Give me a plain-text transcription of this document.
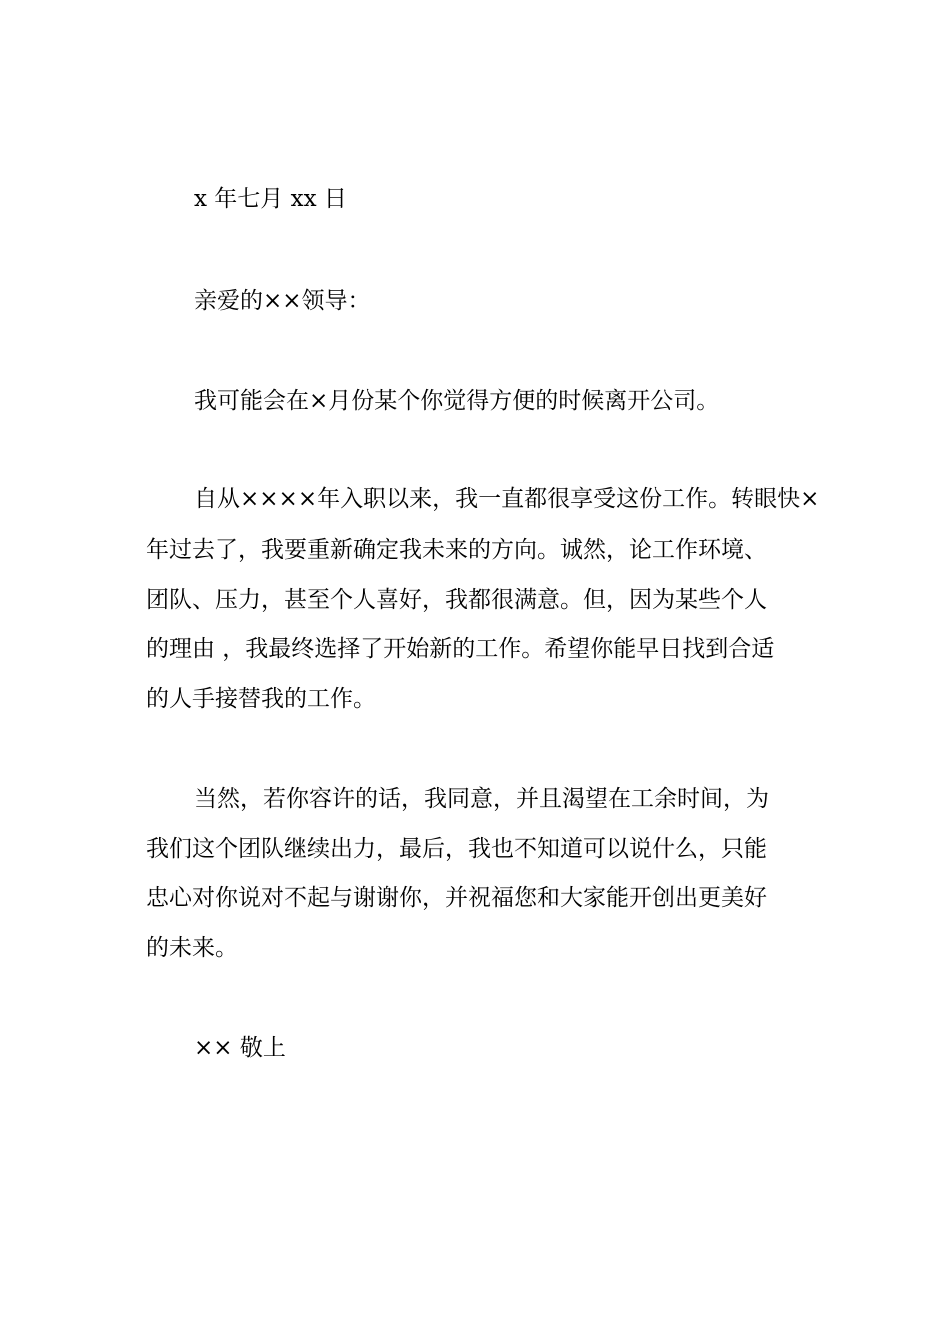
x 年七月 xx 日

亲爱的××领导：

我可能会在×月份某个你觉得方便的时候离开公司。

自从××××年入职以来，我一直都很享受这份工作。转眼快×

年过去了，我要重新确定我未来的方向。诚然，论工作环境、

团队、压力，甚至个人喜好，我都很满意。但，因为某些个人

的理由 ，我最终选择了开始新的工作。希望你能早日找到合适

的人手接替我的工作。

当然，若你容许的话，我同意，并且渴望在工余时间，为

我们这个团队继续出力，最后，我也不知道可以说什么，只能

忠心对你说对不起与谢谢你，并祝福您和大家能开创出更美好

的未来。

×× 敬上
